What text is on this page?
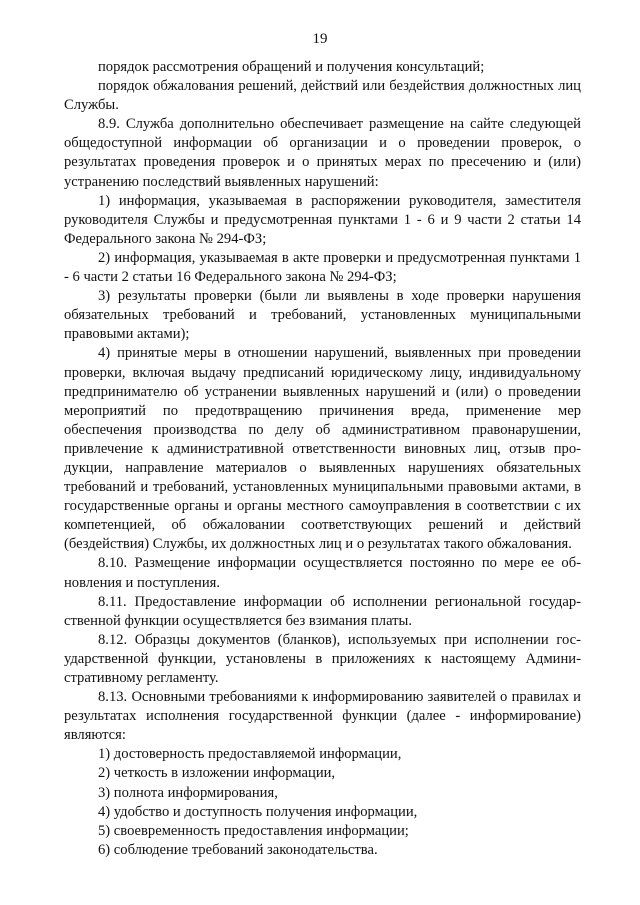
19

порядок рассмотрения обращений и получения консультаций;

порядок обжалования решений, действий или бездействия должностных лиц Службы.

8.9. Служба дополнительно обеспечивает размещение на сайте следующей общедоступной информации об организации и о проведении проверок, о результатах проведения проверок и о принятых мерах по пресечению и (или) устранению последствий выявленных нарушений:

1) информация, указываемая в распоряжении руководителя, заместителя руководителя Службы и предусмотренная пунктами 1 - 6 и 9 части 2 статьи 14 Федерального закона № 294-ФЗ;

2) информация, указываемая в акте проверки и предусмотренная пунктами 1 - 6 части 2 статьи 16 Федерального закона № 294-ФЗ;

3) результаты проверки (были ли выявлены в ходе проверки нарушения обязательных требований и требований, установленных муниципальными правовыми актами);

4) принятые меры в отношении нарушений, выявленных при проведении проверки, включая выдачу предписаний юридическому лицу, индивидуальному предпринимателю об устранении выявленных нарушений и (или) о проведении мероприятий по предотвращению причинения вреда, применение мер обеспечения производства по делу об административном правонарушении, привлечение к административной ответственности виновных лиц, отзыв продукции, направление материалов о выявленных нарушениях обязательных требований и требований, установленных муниципальными правовыми актами, в государственные органы и органы местного самоуправления в соответствии с их компетенцией, об обжаловании соответствующих решений и действий (бездействия) Службы, их должностных лиц и о результатах такого обжалования.

8.10. Размещение информации осуществляется постоянно по мере ее обновления и поступления.

8.11. Предоставление информации об исполнении региональной государственной функции осуществляется без взимания платы.

8.12. Образцы документов (бланков), используемых при исполнении государственной функции, установлены в приложениях к настоящему Административному регламенту.

8.13. Основными требованиями к информированию заявителей о правилах и результатах исполнения государственной функции (далее - информирование) являются:

1) достоверность предоставляемой информации,

2) четкость в изложении информации,

3) полнота информирования,

4) удобство и доступность получения информации,

5) своевременность предоставления информации;

6) соблюдение требований законодательства.
